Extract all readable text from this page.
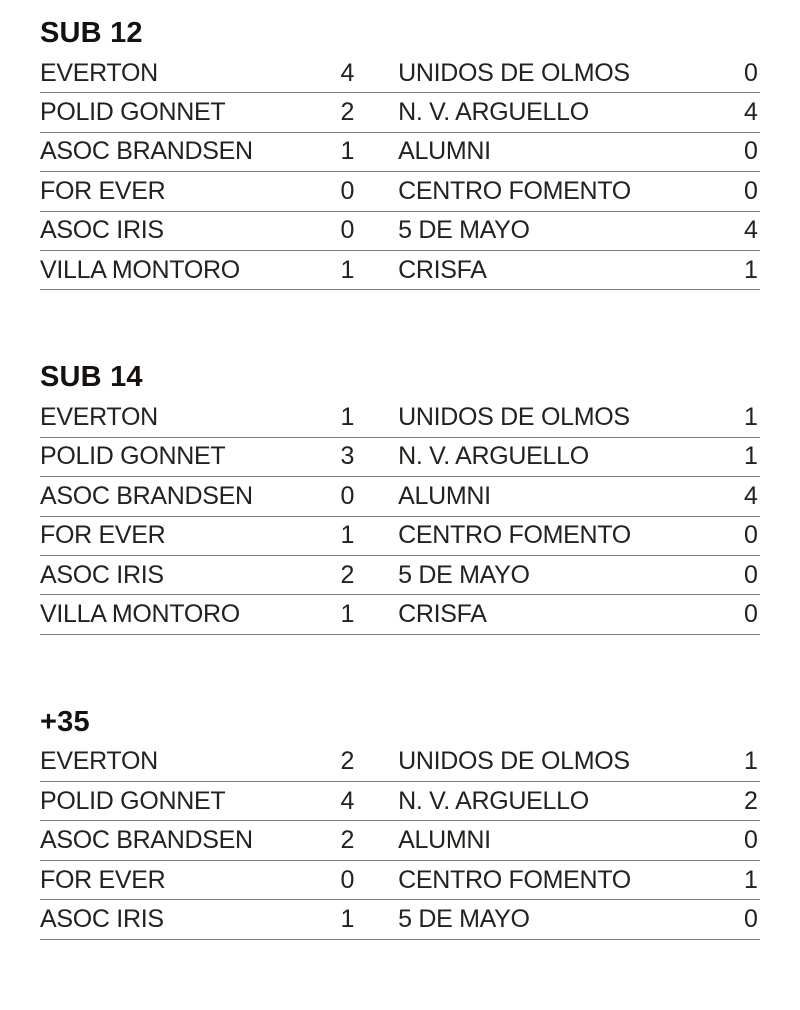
SUB 12
EVERTON	4	UNIDOS DE OLMOS	0
POLID GONNET	2	N. V. ARGUELLO	4
ASOC BRANDSEN	1	ALUMNI	0
FOR EVER	0	CENTRO FOMENTO	0
ASOC IRIS	0	5 DE MAYO	4
VILLA MONTORO	1	CRISFA	1
SUB 14
EVERTON	1	UNIDOS DE OLMOS	1
POLID GONNET	3	N. V. ARGUELLO	1
ASOC BRANDSEN	0	ALUMNI	4
FOR EVER	1	CENTRO FOMENTO	0
ASOC IRIS	2	5 DE MAYO	0
VILLA MONTORO	1	CRISFA	0
+35
EVERTON	2	UNIDOS DE OLMOS	1
POLID GONNET	4	N. V. ARGUELLO	2
ASOC BRANDSEN	2	ALUMNI	0
FOR EVER	0	CENTRO FOMENTO	1
ASOC IRIS	1	5 DE MAYO	0
